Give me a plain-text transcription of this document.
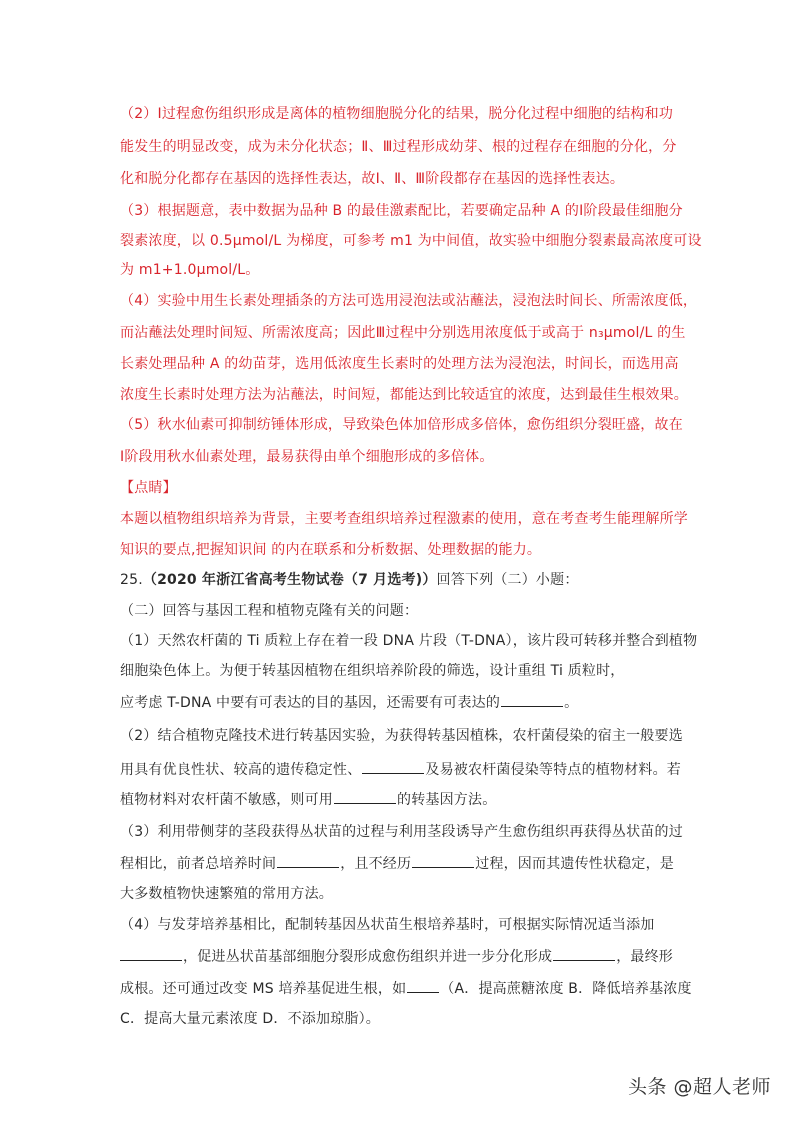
（2）Ⅰ过程愈伤组织形成是离体的植物细胞脱分化的结果，脱分化过程中细胞的结构和功
能发生的明显改变，成为未分化状态；Ⅱ、Ⅲ过程形成幼芽、根的过程存在细胞的分化，分
化和脱分化都存在基因的选择性表达，故Ⅰ、Ⅱ、Ⅲ阶段都存在基因的选择性表达。
（3）根据题意，表中数据为品种 B 的最佳激素配比，若要确定品种 A 的Ⅰ阶段最佳细胞分
裂素浓度，以 0.5μmol/L 为梯度，可参考 m1 为中间值，故实验中细胞分裂素最高浓度可设
为 m1+1.0μmol/L。
（4）实验中用生长素处理插条的方法可选用浸泡法或沾蘸法，浸泡法时间长、所需浓度低，
而沾蘸法处理时间短、所需浓度高；因此Ⅲ过程中分别选用浓度低于或高于 n₃μmol/L 的生
长素处理品种 A 的幼苗芽，选用低浓度生长素时的处理方法为浸泡法，时间长，而选用高
浓度生长素时处理方法为沾蘸法，时间短，都能达到比较适宜的浓度，达到最佳生根效果。
（5）秋水仙素可抑制纺锤体形成，导致染色体加倍形成多倍体，愈伤组织分裂旺盛，故在
Ⅰ阶段用秋水仙素处理，最易获得由单个细胞形成的多倍体。
【点睛】
本题以植物组织培养为背景，主要考查组织培养过程激素的使用，意在考查考生能理解所学
知识的要点,把握知识间 的内在联系和分析数据、处理数据的能力。
25.（2020 年浙江省高考生物试卷（7 月选考)）回答下列（二）小题：
（二）回答与基因工程和植物克隆有关的问题：
（1）天然农杆菌的 Ti 质粒上存在着一段 DNA 片段（T-DNA），该片段可转移并整合到植物
细胞染色体上。为便于转基因植物在组织培养阶段的筛选，设计重组 Ti 质粒时，
应考虑 T-DNA 中要有可表达的目的基因，还需要有可表达的	。
（2）结合植物克隆技术进行转基因实验，为获得转基因植株，农杆菌侵染的宿主一般要选
用具有优良性状、较高的遗传稳定性、	及易被农杆菌侵染等特点的植物材料。若
植物材料对农杆菌不敏感，则可用	的转基因方法。
（3）利用带侧芽的茎段获得丛状苗的过程与利用茎段诱导产生愈伤组织再获得丛状苗的过
程相比，前者总培养时间	，且不经历	过程，因而其遗传性状稳定，是
大多数植物快速繁殖的常用方法。
（4）与发芽培养基相比，配制转基因丛状苗生根培养基时，可根据实际情况适当添加
，促进丛状苗基部细胞分裂形成愈伤组织并进一步分化形成	，最终形
成根。还可通过改变 MS 培养基促进生根，如 （A．提高蔗糖浓度 B．降低培养基浓度
C．提高大量元素浓度 D．不添加琼脂）。
头条 @超人老师
